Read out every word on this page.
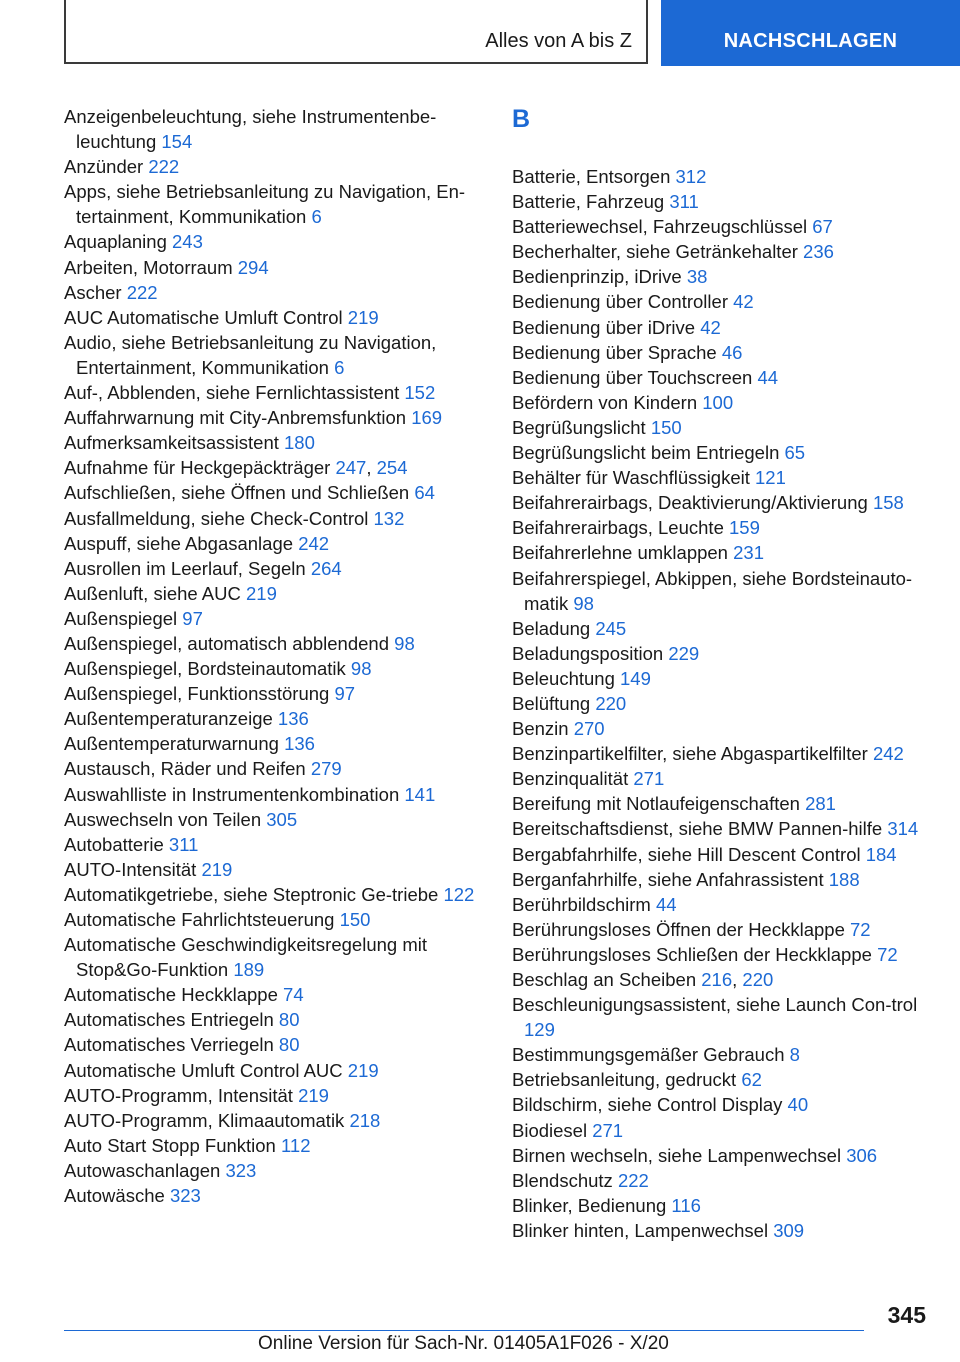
Alles von A bis Z	NACHSCHLAGEN
Anzeigenbeleuchtung, siehe Instrumentenbe-leuchtung 154
Anzünder 222
Apps, siehe Betriebsanleitung zu Navigation, En-tertainment, Kommunikation 6
Aquaplaning 243
Arbeiten, Motorraum 294
Ascher 222
AUC Automatische Umluft Control 219
Audio, siehe Betriebsanleitung zu Navigation, Entertainment, Kommunikation 6
Auf-, Abblenden, siehe Fernlichtassistent 152
Auffahrwarnung mit City-Anbremsfunktion 169
Aufmerksamkeitsassistent 180
Aufnahme für Heckgepäckträger 247, 254
Aufschließen, siehe Öffnen und Schließen 64
Ausfallmeldung, siehe Check-Control 132
Auspuff, siehe Abgasanlage 242
Ausrollen im Leerlauf, Segeln 264
Außenluft, siehe AUC 219
Außenspiegel 97
Außenspiegel, automatisch abblendend 98
Außenspiegel, Bordsteinautomatik 98
Außenspiegel, Funktionsstörung 97
Außentemperaturanzeige 136
Außentemperaturwarnung 136
Austausch, Räder und Reifen 279
Auswahlliste in Instrumentenkombination 141
Auswechseln von Teilen 305
Autobatterie 311
AUTO-Intensität 219
Automatikgetriebe, siehe Steptronic Ge-triebe 122
Automatische Fahrlichtsteuerung 150
Automatische Geschwindigkeitsregelung mit Stop&Go-Funktion 189
Automatische Heckklappe 74
Automatisches Entriegeln 80
Automatisches Verriegeln 80
Automatische Umluft Control AUC 219
AUTO-Programm, Intensität 219
AUTO-Programm, Klimaautomatik 218
Auto Start Stopp Funktion 112
Autowaschanlagen 323
Autowäsche 323
B
Batterie, Entsorgen 312
Batterie, Fahrzeug 311
Batteriewechsel, Fahrzeugschlüssel 67
Becherhalter, siehe Getränkehalter 236
Bedienprinzip, iDrive 38
Bedienung über Controller 42
Bedienung über iDrive 42
Bedienung über Sprache 46
Bedienung über Touchscreen 44
Befördern von Kindern 100
Begrüßungslicht 150
Begrüßungslicht beim Entriegeln 65
Behälter für Waschflüssigkeit 121
Beifahrerairbags, Deaktivierung/Aktivierung 158
Beifahrerairbags, Leuchte 159
Beifahrerlehne umklappen 231
Beifahrerspiegel, Abkippen, siehe Bordsteinauto-matik 98
Beladung 245
Beladungsposition 229
Beleuchtung 149
Belüftung 220
Benzin 270
Benzinpartikelfilter, siehe Abgaspartikelfilter 242
Benzinqualität 271
Bereifung mit Notlaufeigenschaften 281
Bereitschaftsdienst, siehe BMW Pannen-hilfe 314
Bergabfahrhilfe, siehe Hill Descent Control 184
Berganfahrhilfe, siehe Anfahrassistent 188
Berührbildschirm 44
Berührungsloses Öffnen der Heckklappe 72
Berührungsloses Schließen der Heckklappe 72
Beschlag an Scheiben 216, 220
Beschleunigungsassistent, siehe Launch Con-trol 129
Bestimmungsgemäßer Gebrauch 8
Betriebsanleitung, gedruckt 62
Bildschirm, siehe Control Display 40
Biodiesel 271
Birnen wechseln, siehe Lampenwechsel 306
Blendschutz 222
Blinker, Bedienung 116
Blinker hinten, Lampenwechsel 309
345
Online Version für Sach-Nr. 01405A1F026 - X/20
